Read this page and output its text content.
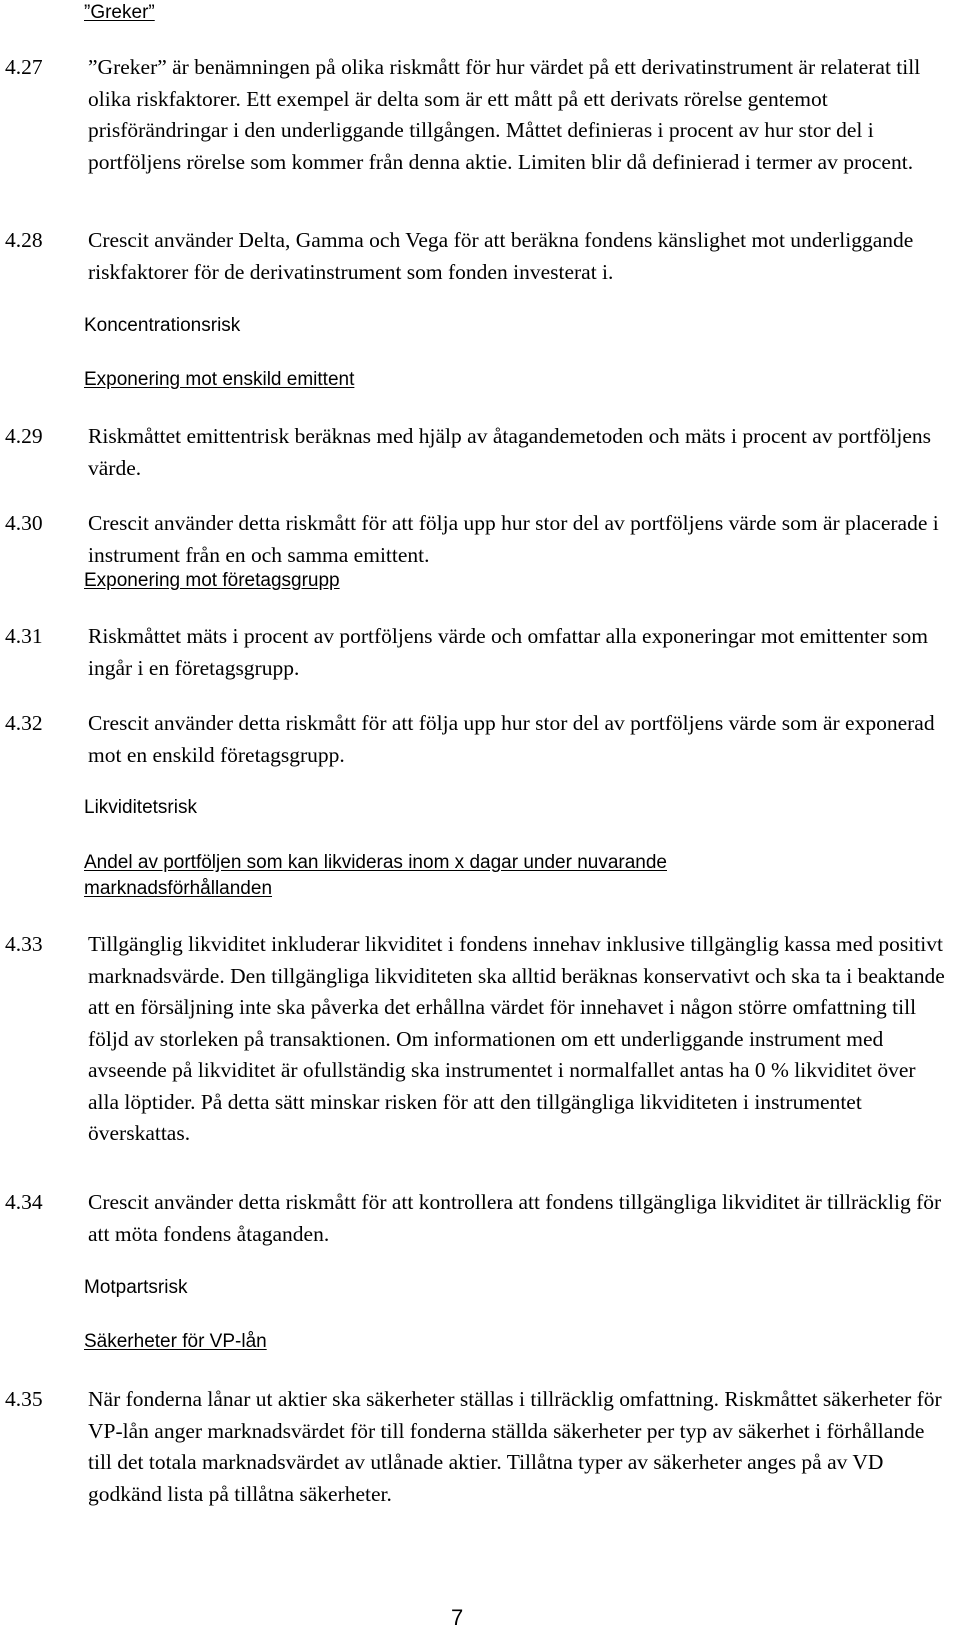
”Greker”
4.27 ”Greker” är benämningen på olika riskmått för hur värdet på ett derivatinstrument är relaterat till olika riskfaktorer. Ett exempel är delta som är ett mått på ett derivats rörelse gentemot prisförändringar i den underliggande tillgången. Måttet definieras i procent av hur stor del i portföljens rörelse som kommer från denna aktie. Limiten blir då definierad i termer av procent.
4.28 Crescit använder Delta, Gamma och Vega för att beräkna fondens känslighet mot underliggande riskfaktorer för de derivatinstrument som fonden investerat i.
Koncentrationsrisk
Exponering mot enskild emittent
4.29 Riskmåttet emittentrisk beräknas med hjälp av åtagandemetoden och mäts i procent av portföljens värde.
4.30 Crescit använder detta riskmått för att följa upp hur stor del av portföljens värde som är placerade i instrument från en och samma emittent.
Exponering mot företagsgrupp
4.31 Riskmåttet mäts i procent av portföljens värde och omfattar alla exponeringar mot emittenter som ingår i en företagsgrupp.
4.32 Crescit använder detta riskmått för att följa upp hur stor del av portföljens värde som är exponerad mot en enskild företagsgrupp.
Likviditetsrisk
Andel av portföljen som kan likvideras inom x dagar under nuvarande marknadsförhållanden
4.33 Tillgänglig likviditet inkluderar likviditet i fondens innehav inklusive tillgänglig kassa med positivt marknadsvärde. Den tillgängliga likviditeten ska alltid beräknas konservativt och ska ta i beaktande att en försäljning inte ska påverka det erhållna värdet för innehavet i någon större omfattning till följd av storleken på transaktionen. Om informationen om ett underliggande instrument med avseende på likviditet är ofullständig ska instrumentet i normalfallet antas ha 0 % likviditet över alla löptider. På detta sätt minskar risken för att den tillgängliga likviditeten i instrumentet överskattas.
4.34 Crescit använder detta riskmått för att kontrollera att fondens tillgängliga likviditet är tillräcklig för att möta fondens åtaganden.
Motpartsrisk
Säkerheter för VP-lån
4.35 När fonderna lånar ut aktier ska säkerheter ställas i tillräcklig omfattning. Riskmåttet säkerheter för VP-lån anger marknadsvärdet för till fonderna ställda säkerheter per typ av säkerhet i förhållande till det totala marknadsvärdet av utlånade aktier. Tillåtna typer av säkerheter anges på av VD godkänd lista på tillåtna säkerheter.
7
